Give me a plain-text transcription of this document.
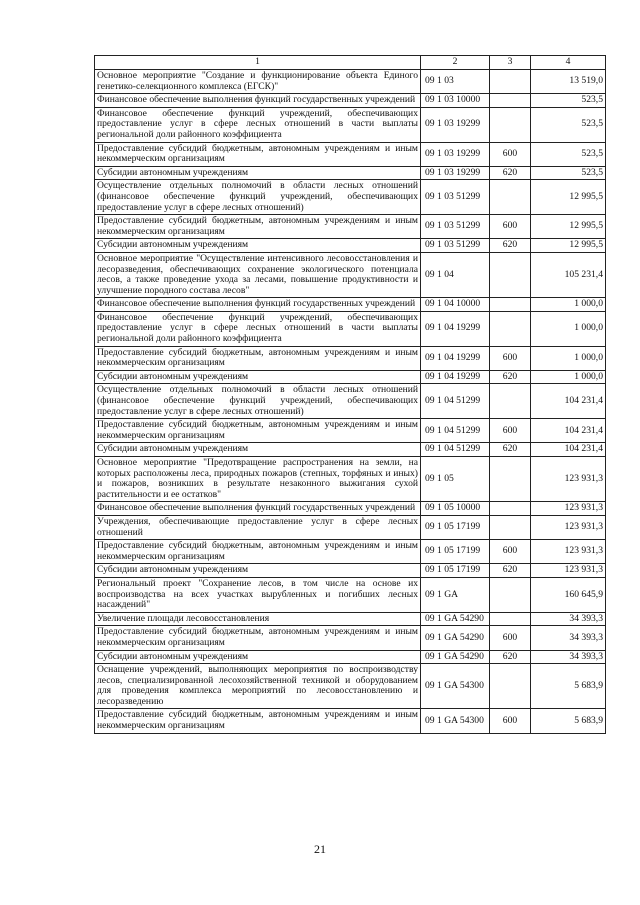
1	2	3	4
Основное мероприятие "Создание и функционирование объекта Единого генетико-селекционного комплекса (ЕГСК)"	09 1 03		13 519,0
Финансовое обеспечение выполнения функций государственных учреждений	09 1 03 10000		523,5
Финансовое обеспечение функций учреждений, обеспечивающих предоставление услуг в сфере лесных отношений в части выплаты региональной доли районного коэффициента	09 1 03 19299		523,5
Предоставление субсидий бюджетным, автономным учреждениям и иным некоммерческим организациям	09 1 03 19299	600	523,5
Субсидии автономным учреждениям	09 1 03 19299	620	523,5
Осуществление отдельных полномочий в области лесных отношений (финансовое обеспечение функций учреждений, обеспечивающих предоставление услуг в сфере лесных отношений)	09 1 03 51299		12 995,5
Предоставление субсидий бюджетным, автономным учреждениям и иным некоммерческим организациям	09 1 03 51299	600	12 995,5
Субсидии автономным учреждениям	09 1 03 51299	620	12 995,5
Основное мероприятие "Осуществление интенсивного лесовосстановления и лесоразведения, обеспечивающих сохранение экологического потенциала лесов, а также проведение ухода за лесами, повышение продуктивности и улучшение породного состава лесов"	09 1 04		105 231,4
Финансовое обеспечение выполнения функций государственных учреждений	09 1 04 10000		1 000,0
Финансовое обеспечение функций учреждений, обеспечивающих предоставление услуг в сфере лесных отношений в части выплаты региональной доли районного коэффициента	09 1 04 19299		1 000,0
Предоставление субсидий бюджетным, автономным учреждениям и иным некоммерческим организациям	09 1 04 19299	600	1 000,0
Субсидии автономным учреждениям	09 1 04 19299	620	1 000,0
Осуществление отдельных полномочий в области лесных отношений (финансовое обеспечение функций учреждений, обеспечивающих предоставление услуг в сфере лесных отношений)	09 1 04 51299		104 231,4
Предоставление субсидий бюджетным, автономным учреждениям и иным некоммерческим организациям	09 1 04 51299	600	104 231,4
Субсидии автономным учреждениям	09 1 04 51299	620	104 231,4
Основное мероприятие "Предотвращение распространения на земли, на которых расположены леса, природных пожаров (степных, торфяных и иных) и пожаров, возникших в результате незаконного выжигания сухой растительности и ее остатков"	09 1 05		123 931,3
Финансовое обеспечение выполнения функций государственных учреждений	09 1 05 10000		123 931,3
Учреждения, обеспечивающие предоставление услуг в сфере лесных отношений	09 1 05 17199		123 931,3
Предоставление субсидий бюджетным, автономным учреждениям и иным некоммерческим организациям	09 1 05 17199	600	123 931,3
Субсидии автономным учреждениям	09 1 05 17199	620	123 931,3
Региональный проект "Сохранение лесов, в том числе на основе их воспроизводства на всех участках вырубленных и погибших лесных насаждений"	09 1 GA		160 645,9
Увеличение площади лесовосстановления	09 1 GA 54290		34 393,3
Предоставление субсидий бюджетным, автономным учреждениям и иным некоммерческим организациям	09 1 GA 54290	600	34 393,3
Субсидии автономным учреждениям	09 1 GA 54290	620	34 393,3
Оснащение учреждений, выполняющих мероприятия по воспроизводству лесов, специализированной лесохозяйственной техникой и оборудованием для проведения комплекса мероприятий по лесовосстановлению и лесоразведению	09 1 GA 54300		5 683,9
Предоставление субсидий бюджетным, автономным учреждениям и иным некоммерческим организациям	09 1 GA 54300	600	5 683,9
21
